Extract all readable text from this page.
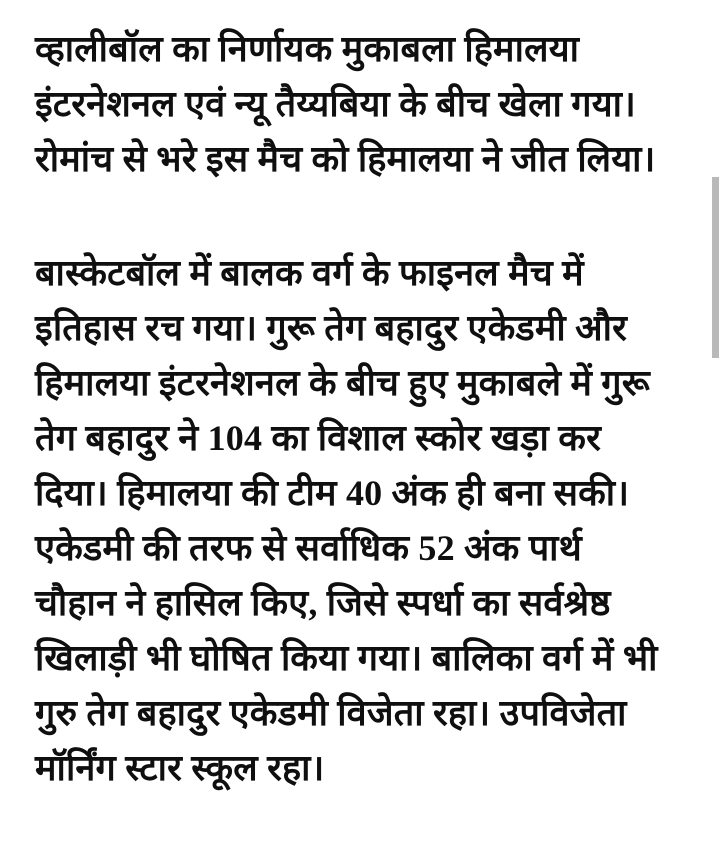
व्हालीबॉल का निर्णायक मुकाबला हिमालया
इंटरनेशनल एवं न्यू तैय्यबिया के बीच खेला गया।
रोमांच से भरे इस मैच को हिमालया ने जीत लिया।
बास्केटबॉल में बालक वर्ग के फाइनल मैच में
इतिहास रच गया। गुरू तेग बहादुर एकेडमी और
हिमालया इंटरनेशनल के बीच हुए मुकाबले में गुरू
तेग बहादुर ने 104 का विशाल स्कोर खड़ा कर
दिया। हिमालया की टीम 40 अंक ही बना सकी।
एकेडमी की तरफ से सर्वाधिक 52 अंक पार्थ
चौहान ने हासिल किए, जिसे स्पर्धा का सर्वश्रेष्ठ
खिलाड़ी भी घोषित किया गया। बालिका वर्ग में भी
गुरु तेग बहादुर एकेडमी विजेता रहा। उपविजेता
मॉर्निंग स्टार स्कूल रहा।
